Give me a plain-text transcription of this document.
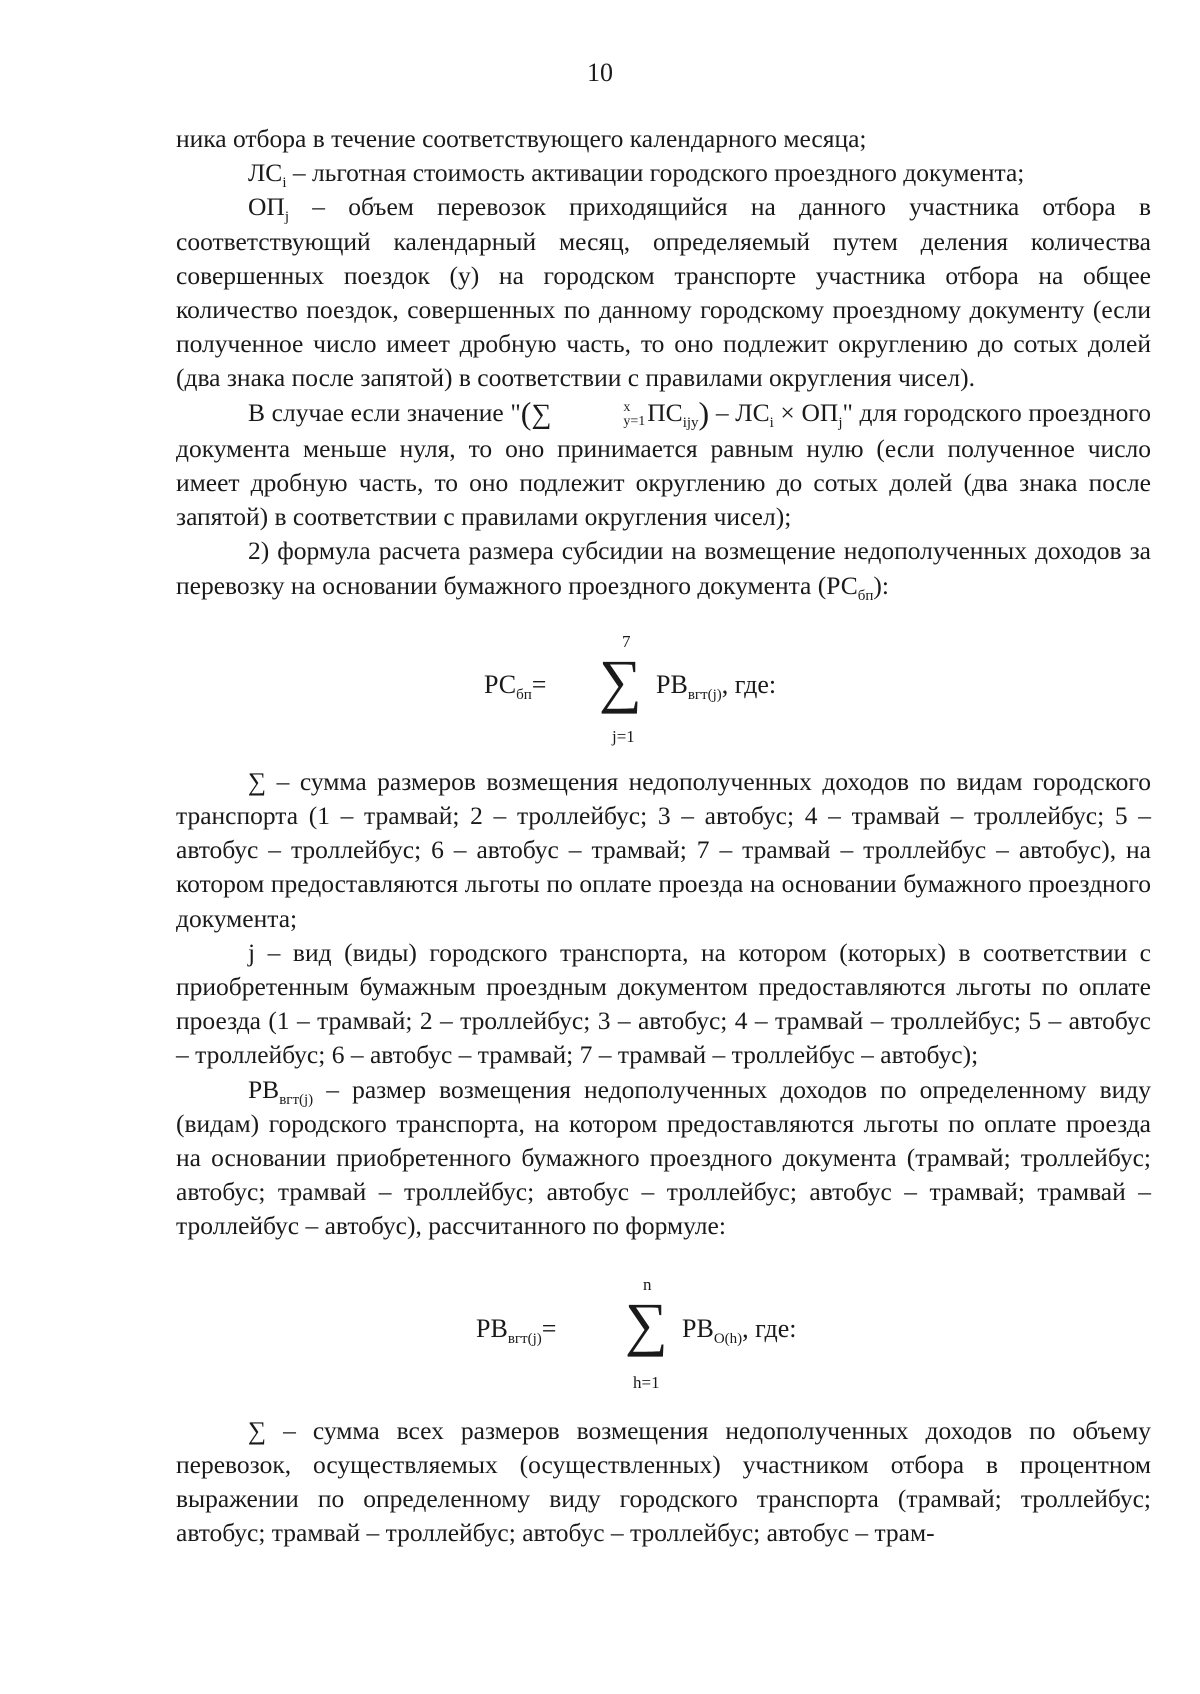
10

ника отбора в течение соответствующего календарного месяца;

$ЛС_i$ – льготная стоимость активации городского проездного документа;

$ОП_j$ – объем перевозок приходящийся на данного участника отбора в соответствующий календарный месяц, определяемый путем деления количества совершенных поездок (y) на городском транспорте участника отбора на общее количество поездок, совершенных по данному городскому проездному документу (если полученное число имеет дробную часть, то оно подлежит округлению до сотых долей (два знака после запятой) в соответствии с правилами округления чисел).

В случае если значение "(∑	x
y=1 $ПС_{ijy}) - ЛС_i \times ОП_j$" для городского проездного документа меньше нуля, то оно принимается равным нулю (если полученное число имеет дробную часть, то оно подлежит округлению до сотых долей (два знака после запятой) в соответствии с правилами округления чисел);

2) формула расчета размера субсидии на возмещение недополученных доходов за перевозку на основании бумажного проездного документа $(РС_{бп})$:

7
$РС_{бп}=$ ∑
j=1
$РВ_{вгт(j)}$, где:

∑ – сумма размеров возмещения недополученных доходов по видам городского транспорта (1 – трамвай; 2 – троллейбус; 3 – автобус; 4 – трамвай – троллейбус; 5 – автобус – троллейбус; 6 – автобус – трамвай; 7 – трамвай – троллейбус – автобус), на котором предоставляются льготы по оплате проезда на основании бумажного проездного документа;

j – вид (виды) городского транспорта, на котором (которых) в соответствии с приобретенным бумажным проездным документом предоставляются льготы по оплате проезда (1 – трамвай; 2 – троллейбус; 3 – автобус; 4 – трамвай – троллейбус; 5 – автобус – троллейбус; 6 – автобус – трамвай; 7 – трамвай – троллейбус – автобус);

$РВ_{вгт(j)}$ – размер возмещения недополученных доходов по определенному виду (видам) городского транспорта, на котором предоставляются льготы по оплате проезда на основании приобретенного бумажного проездного документа (трамвай; троллейбус; автобус; трамвай – троллейбус; автобус – троллейбус; автобус – трамвай; трамвай – троллейбус – автобус), рассчитанного по формуле:

n
$РВ_{вгт(j)}=$ ∑
h=1
$РВ_{O(h)}$, где:

∑ – сумма всех размеров возмещения недополученных доходов по объему перевозок, осуществляемых (осуществленных) участником отбора в процентном выражении по определенному виду городского транспорта (трамвай; троллейбус; автобус; трамвай – троллейбус; автобус – троллейбус; автобус – трам-
